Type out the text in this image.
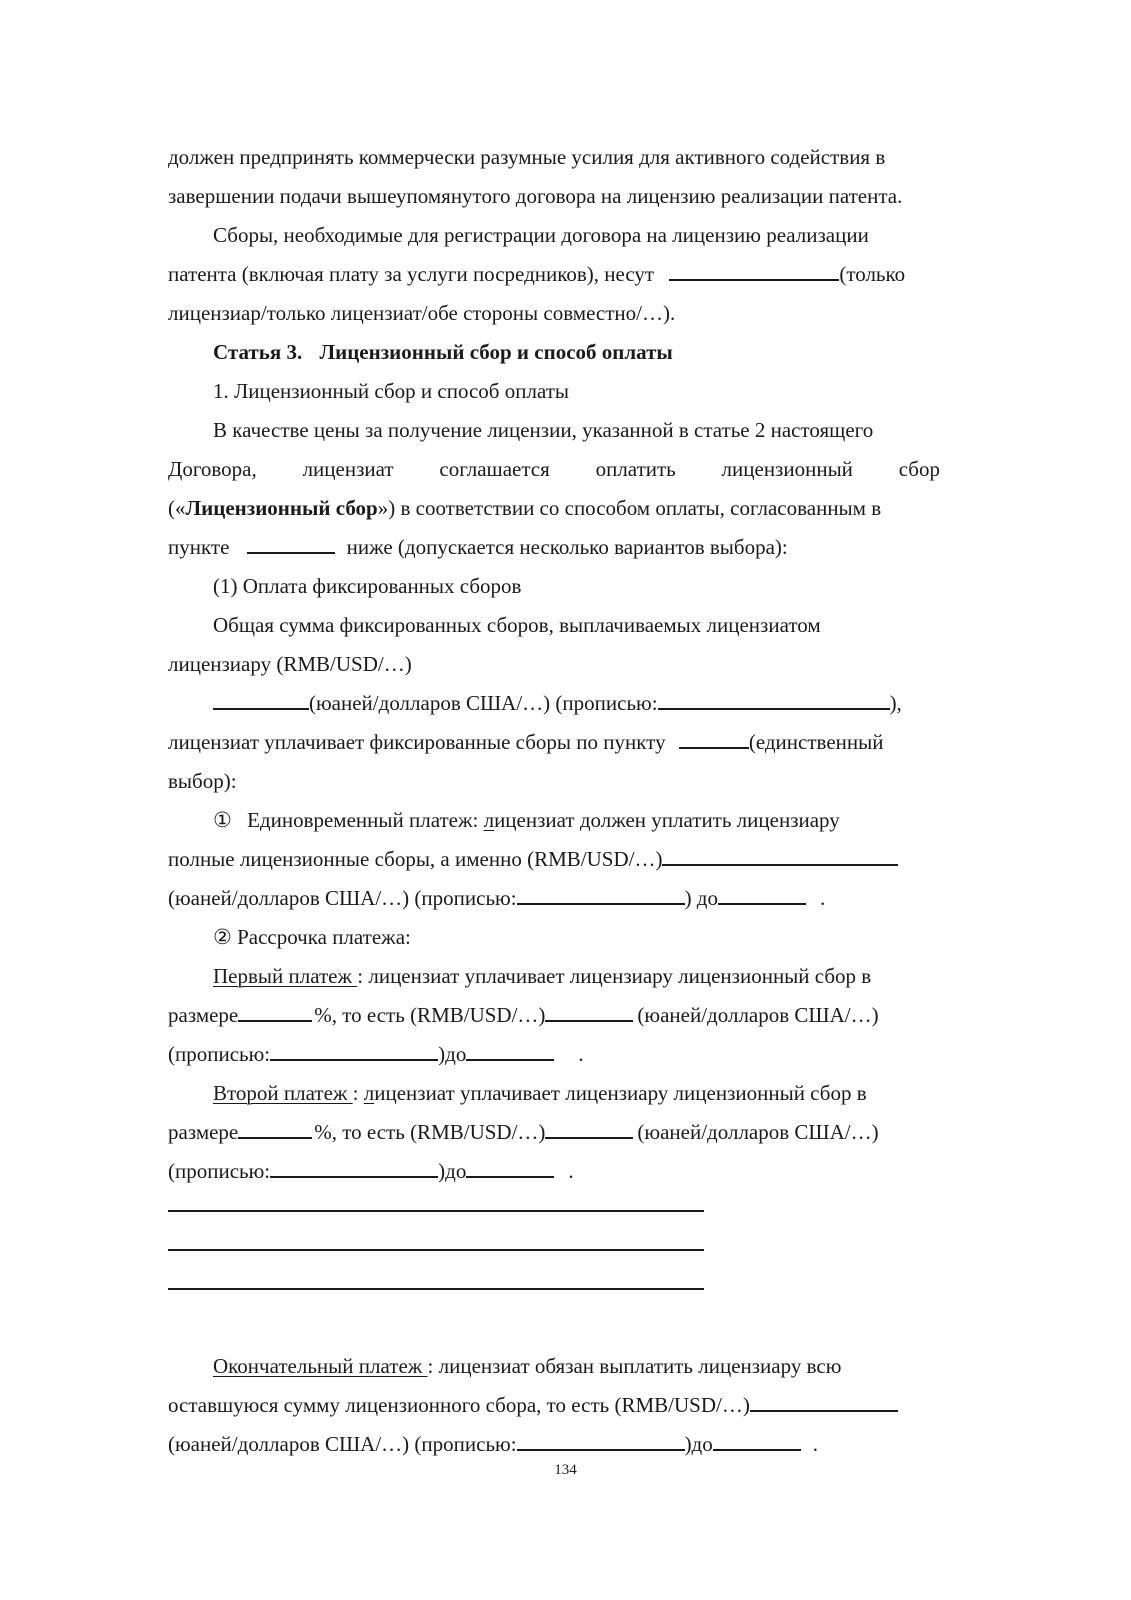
должен предпринять коммерчески разумные усилия для активного содействия в
завершении подачи вышеупомянутого договора на лицензию реализации патента.
Сборы, необходимые для регистрации договора на лицензию реализации
патента (включая плату за услуги посредников), несут	(только
лицензиар/только лицензиат/обе стороны совместно/…).
Статья 3. Лицензионный сбор и способ оплаты
1. Лицензионный сбор и способ оплаты
В качестве цены за получение лицензии, указанной в статье 2 настоящего
Договора, лицензиат соглашается оплатить лицензионный сбор
(«Лицензионный сбор») в соответствии со способом оплаты, согласованным в
пункте	ниже (допускается несколько вариантов выбора):
(1) Оплата фиксированных сборов
Общая сумма фиксированных сборов, выплачиваемых лицензиатом
лицензиару (RMB/USD/…)
(юаней/долларов США/…) (прописью:	),
лицензиат уплачивает фиксированные сборы по пункту	(единственный
выбор):
① Единовременный платеж: лицензиат должен уплатить лицензиару
полные лицензионные сборы, а именно (RMB/USD/…)
(юаней/долларов США/…) (прописью:	) до	.
② Рассрочка платежа:
Первый платеж : лицензиат уплачивает лицензиару лицензионный сбор в
размере	%, то есть (RMB/USD/…)	(юаней/долларов США/…)
(прописью:	)до	.
Второй платеж : лицензиат уплачивает лицензиару лицензионный сбор в
размере	%, то есть (RMB/USD/…)	(юаней/долларов США/…)
(прописью:	)до	.
Окончательный платеж : лицензиат обязан выплатить лицензиару всю
оставшуюся сумму лицензионного сбора, то есть (RMB/USD/…)
(юаней/долларов США/…) (прописью:	)до	.
134
